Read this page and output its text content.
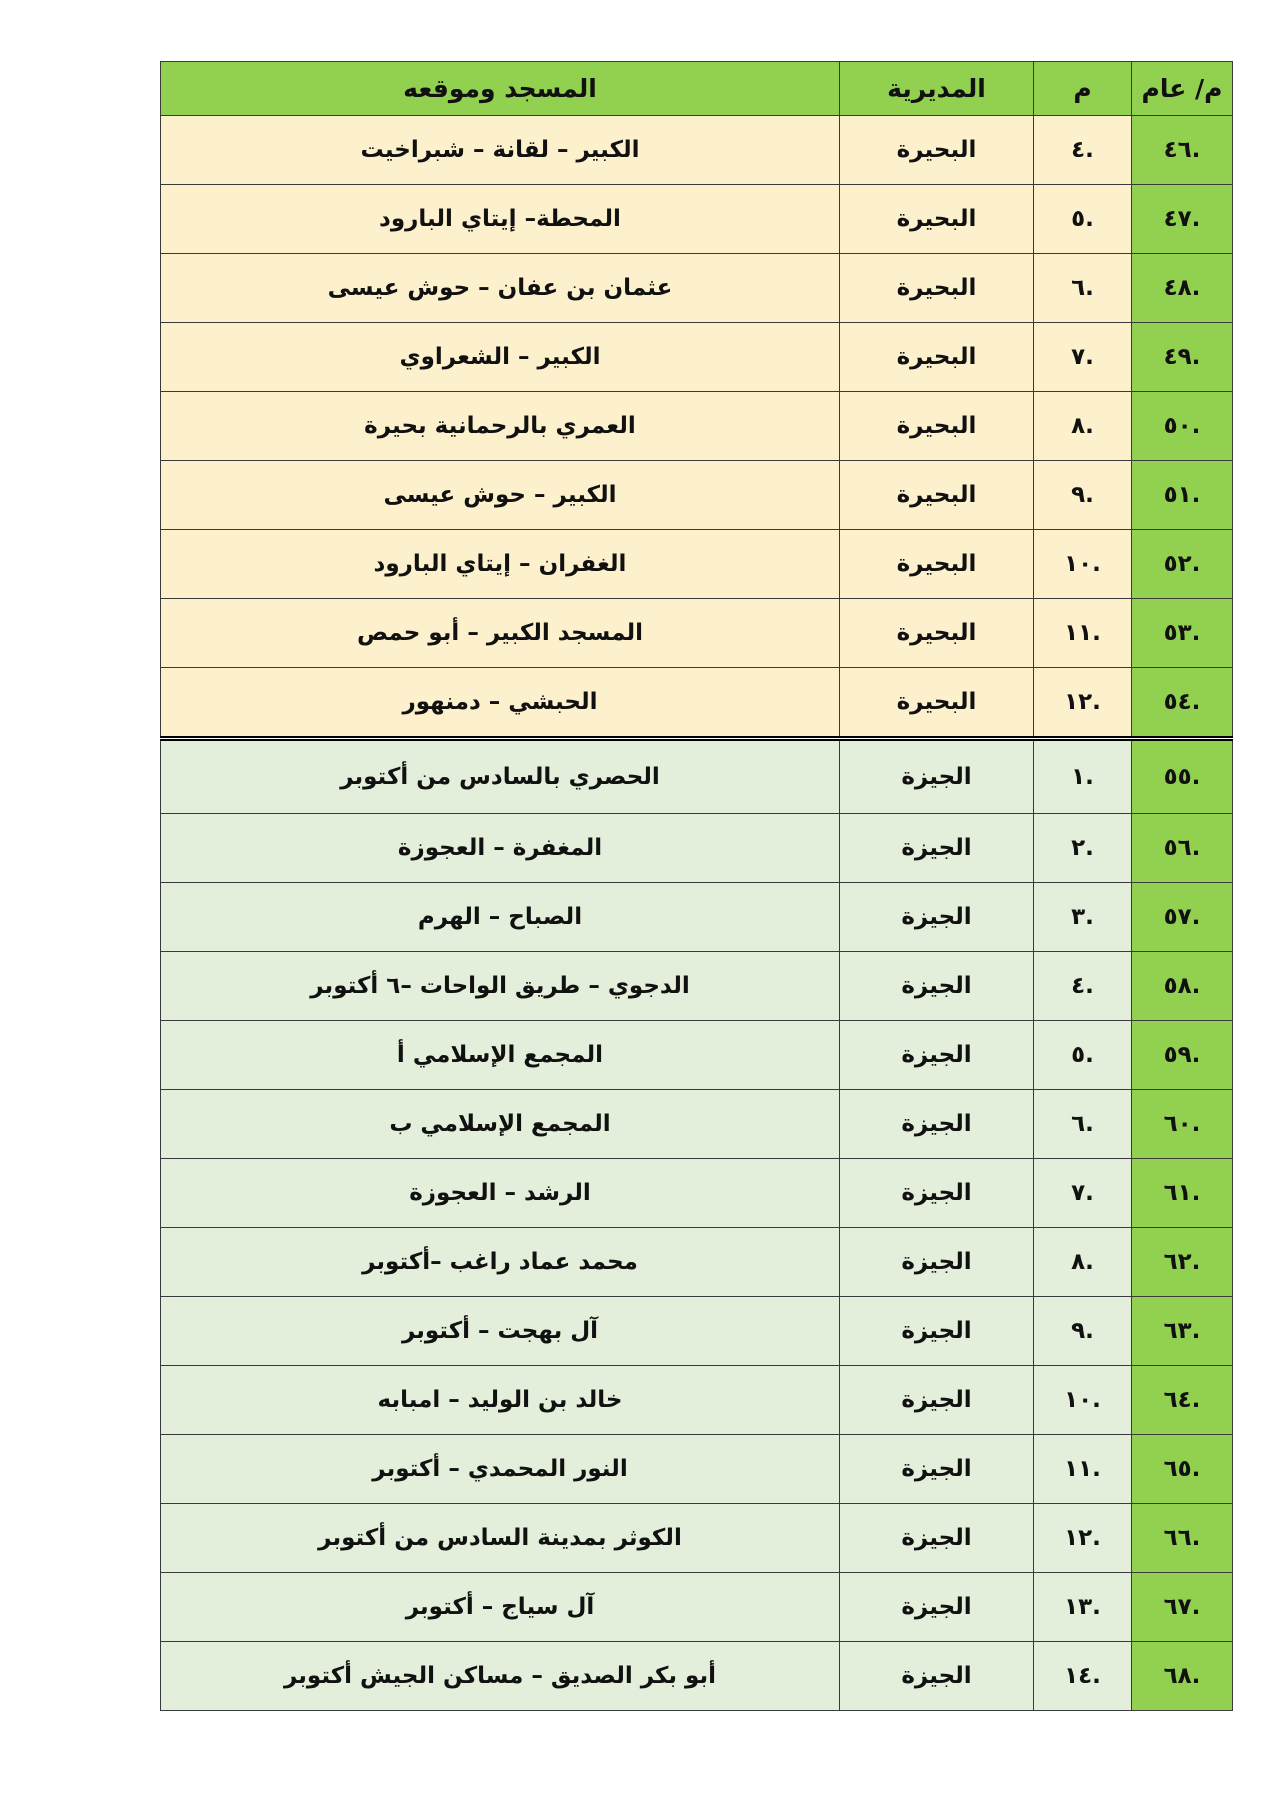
م/ عام	م	المديرية	المسجد وموقعه
.٤٦	.٤	البحيرة	الكبير – لقانة – شبراخيت
.٤٧	.٥	البحيرة	المحطة– إيتاي البارود
.٤٨	.٦	البحيرة	عثمان بن عفان – حوش عيسى
.٤٩	.٧	البحيرة	الكبير – الشعراوي
.٥٠	.٨	البحيرة	العمري بالرحمانية بحيرة
.٥١	.٩	البحيرة	الكبير – حوش عيسى
.٥٢	.١٠	البحيرة	الغفران – إيتاي البارود
.٥٣	.١١	البحيرة	المسجد الكبير – أبو حمص
.٥٤	.١٢	البحيرة	الحبشي – دمنهور
.٥٥	.١	الجيزة	الحصري بالسادس من أكتوبر
.٥٦	.٢	الجيزة	المغفرة – العجوزة
.٥٧	.٣	الجيزة	الصباح – الهرم
.٥٨	.٤	الجيزة	الدجوي – طريق الواحات –٦ أكتوبر
.٥٩	.٥	الجيزة	المجمع الإسلامي أ
.٦٠	.٦	الجيزة	المجمع الإسلامي ب
.٦١	.٧	الجيزة	الرشد – العجوزة
.٦٢	.٨	الجيزة	محمد عماد راغب –أكتوبر
.٦٣	.٩	الجيزة	آل بهجت – أكتوبر
.٦٤	.١٠	الجيزة	خالد بن الوليد – امبابه
.٦٥	.١١	الجيزة	النور المحمدي – أكتوبر
.٦٦	.١٢	الجيزة	الكوثر بمدينة السادس من أكتوبر
.٦٧	.١٣	الجيزة	آل سياج – أكتوبر
.٦٨	.١٤	الجيزة	أبو بكر الصديق – مساكن الجيش أكتوبر
